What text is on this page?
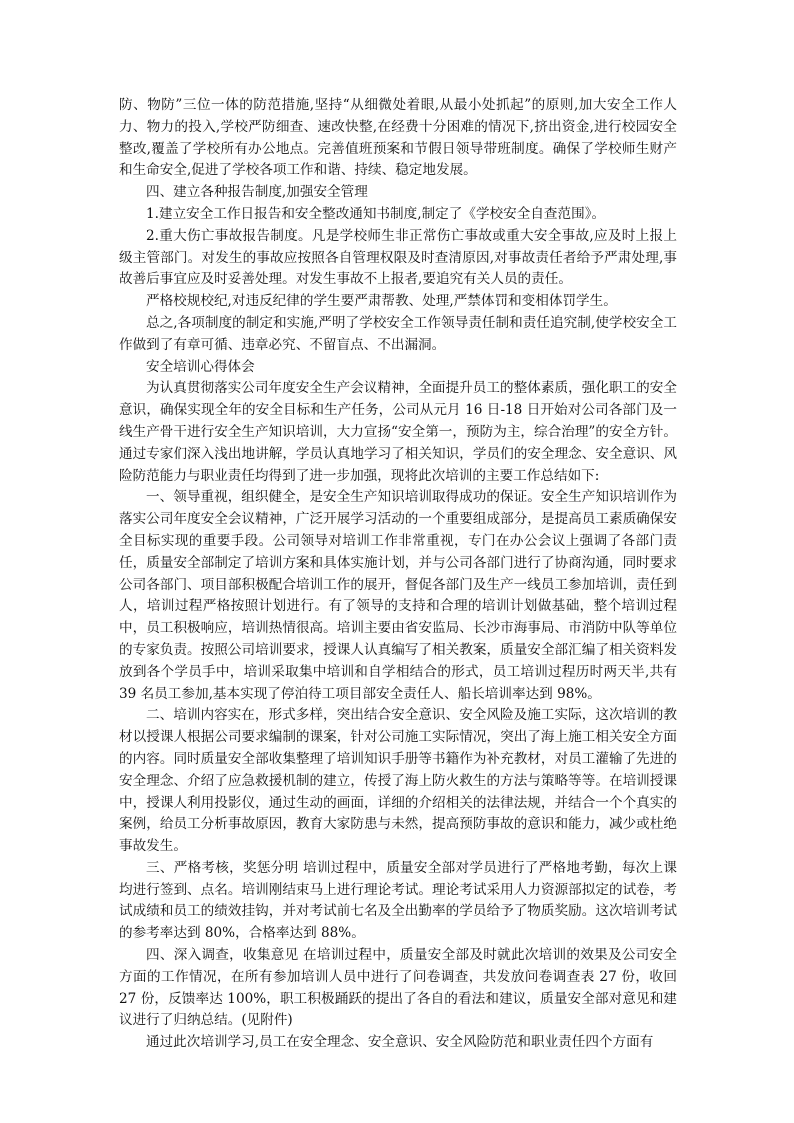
防、物防”三位一体的防范措施,坚持“从细微处着眼,从最小处抓起”的原则,加大安全工作人力、物力的投入,学校严防细查、速改快整,在经费十分困难的情况下,挤出资金,进行校园安全整改,覆盖了学校所有办公地点。完善值班预案和节假日领导带班制度。确保了学校师生财产和生命安全,促进了学校各项工作和谐、持续、稳定地发展。

四、建立各种报告制度,加强安全管理

1.建立安全工作日报告和安全整改通知书制度,制定了《学校安全自查范围》。

2.重大伤亡事故报告制度。凡是学校师生非正常伤亡事故或重大安全事故,应及时上报上级主管部门。对发生的事故应按照各自管理权限及时查清原因,对事故责任者给予严肃处理,事故善后事宜应及时妥善处理。对发生事故不上报者,要追究有关人员的责任。

严格校规校纪,对违反纪律的学生要严肃帮教、处理,严禁体罚和变相体罚学生。

总之,各项制度的制定和实施,严明了学校安全工作领导责任制和责任追究制,使学校安全工作做到了有章可循、违章必究、不留盲点、不出漏洞。

安全培训心得体会

为认真贯彻落实公司年度安全生产会议精神，全面提升员工的整体素质，强化职工的安全意识，确保实现全年的安全目标和生产任务，公司从元月 16 日-18 日开始对公司各部门及一线生产骨干进行安全生产知识培训，大力宣扬“安全第一，预防为主，综合治理”的安全方针。通过专家们深入浅出地讲解，学员认真地学习了相关知识，学员们的安全理念、安全意识、风险防范能力与职业责任均得到了进一步加强，现将此次培训的主要工作总结如下:

一、领导重视，组织健全，是安全生产知识培训取得成功的保证。安全生产知识培训作为落实公司年度安全会议精神，广泛开展学习活动的一个重要组成部分，是提高员工素质确保安全目标实现的重要手段。公司领导对培训工作非常重视，专门在办公会议上强调了各部门责任，质量安全部制定了培训方案和具体实施计划，并与公司各部门进行了协商沟通，同时要求公司各部门、项目部积极配合培训工作的展开，督促各部门及生产一线员工参加培训，责任到人，培训过程严格按照计划进行。有了领导的支持和合理的培训计划做基础，整个培训过程中，员工积极响应，培训热情很高。培训主要由省安监局、长沙市海事局、市消防中队等单位的专家负责。按照公司培训要求，授课人认真编写了相关教案，质量安全部汇编了相关资料发放到各个学员手中，培训采取集中培训和自学相结合的形式，员工培训过程历时两天半,共有 39 名员工参加,基本实现了停泊待工项目部安全责任人、船长培训率达到 98%。

二、培训内容实在，形式多样，突出结合安全意识、安全风险及施工实际，这次培训的教材以授课人根据公司要求编制的课案，针对公司施工实际情况，突出了海上施工相关安全方面的内容。同时质量安全部收集整理了培训知识手册等书籍作为补充教材，对员工灌输了先进的安全理念、介绍了应急救援机制的建立，传授了海上防火救生的方法与策略等等。在培训授课中，授课人利用投影仪，通过生动的画面，详细的介绍相关的法律法规，并结合一个个真实的案例，给员工分析事故原因，教育大家防患与未然，提高预防事故的意识和能力，减少或杜绝事故发生。

三、严格考核，奖惩分明 培训过程中，质量安全部对学员进行了严格地考勤，每次上课均进行签到、点名。培训刚结束马上进行理论考试。理论考试采用人力资源部拟定的试卷，考试成绩和员工的绩效挂钩，并对考试前七名及全出勤率的学员给予了物质奖励。这次培训考试的参考率达到 80%，合格率达到 88%。

四、深入调查，收集意见 在培训过程中，质量安全部及时就此次培训的效果及公司安全方面的工作情况，在所有参加培训人员中进行了问卷调查，共发放问卷调查表 27 份，收回 27 份，反馈率达 100%，职工积极踊跃的提出了各自的看法和建议，质量安全部对意见和建议进行了归纳总结。(见附件)

通过此次培训学习,员工在安全理念、安全意识、安全风险防范和职业责任四个方面有
